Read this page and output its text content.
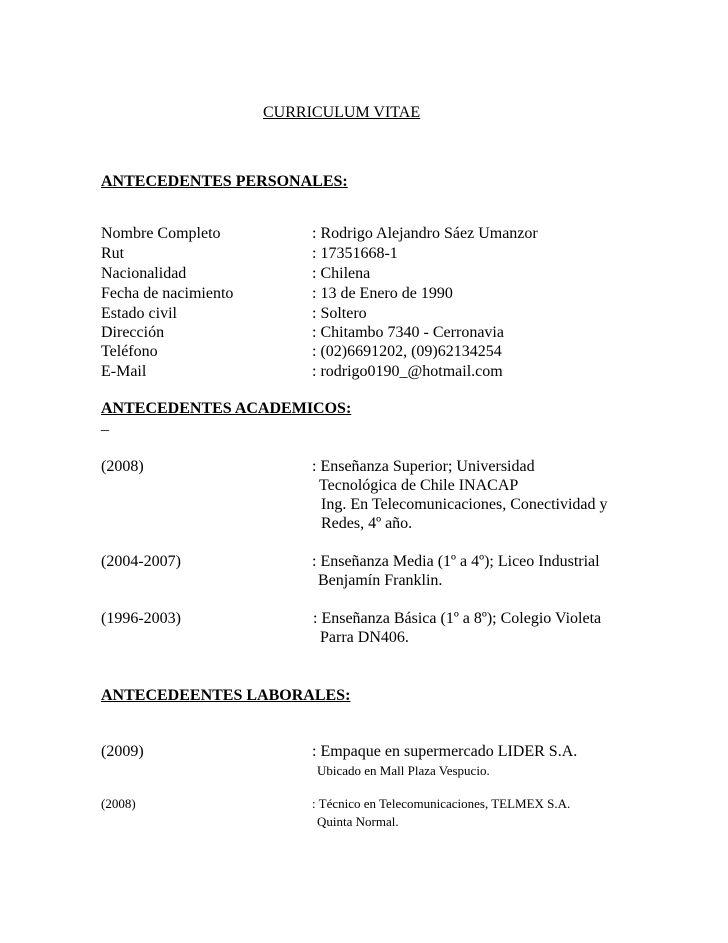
CURRICULUM VITAE
ANTECEDENTES PERSONALES:
Nombre Completo	: Rodrigo Alejandro Sáez Umanzor
Rut	: 17351668-1
Nacionalidad	: Chilena
Fecha de nacimiento	: 13 de Enero de 1990
Estado civil	: Soltero
Dirección	: Chitambo 7340 - Cerronavia
Teléfono	: (02)6691202, (09)62134254
E-Mail	: rodrigo0190_@hotmail.com
ANTECEDENTES ACADEMICOS:
_
(2008)	: Enseñanza Superior; Universidad
Tecnológica de Chile INACAP
Ing. En Telecomunicaciones, Conectividad y
Redes, 4º año.
(2004-2007)	: Enseñanza Media (1º a 4º); Liceo Industrial
Benjamín Franklin.
(1996-2003)	: Enseñanza Básica (1º a 8º); Colegio Violeta
Parra DN406.
ANTECEDEENTES LABORALES:
(2009)	: Empaque en supermercado LIDER S.A.
Ubicado en Mall Plaza Vespucio.
(2008)	: Técnico en Telecomunicaciones, TELMEX S.A.
Quinta Normal.
